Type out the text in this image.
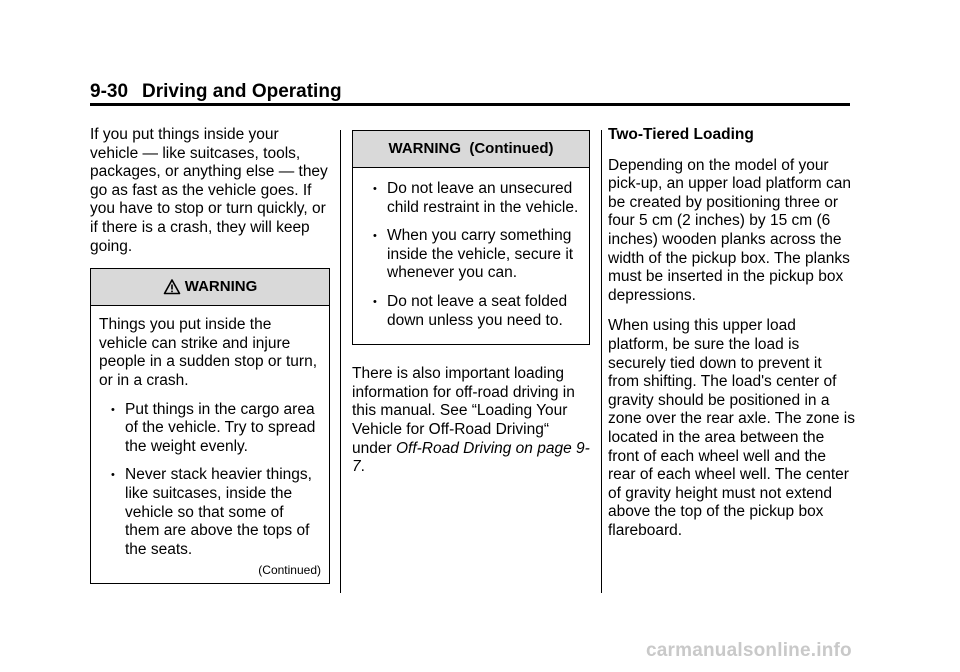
9-30 Driving and Operating

If you put things inside your vehicle — like suitcases, tools, packages, or anything else — they go as fast as the vehicle goes. If you have to stop or turn quickly, or if there is a crash, they will keep going.

WARNING

Things you put inside the vehicle can strike and injure people in a sudden stop or turn, or in a crash.

• Put things in the cargo area of the vehicle. Try to spread the weight evenly.
• Never stack heavier things, like suitcases, inside the vehicle so that some of them are above the tops of the seats.
(Continued)
WARNING  (Continued)
• Do not leave an unsecured child restraint in the vehicle.
• When you carry something inside the vehicle, secure it whenever you can.
• Do not leave a seat folded down unless you need to.

There is also important loading information for off-road driving in this manual. See “Loading Your Vehicle for Off-Road Driving“ under Off-Road Driving on page 9-7.

Two-Tiered Loading

Depending on the model of your pick-up, an upper load platform can be created by positioning three or four 5 cm (2 inches) by 15 cm (6 inches) wooden planks across the width of the pickup box. The planks must be inserted in the pickup box depressions.

When using this upper load platform, be sure the load is securely tied down to prevent it from shifting. The load's center of gravity should be positioned in a zone over the rear axle. The zone is located in the area between the front of each wheel well and the rear of each wheel well. The center of gravity height must not extend above the top of the pickup box flareboard.

carmanualsonline.info
